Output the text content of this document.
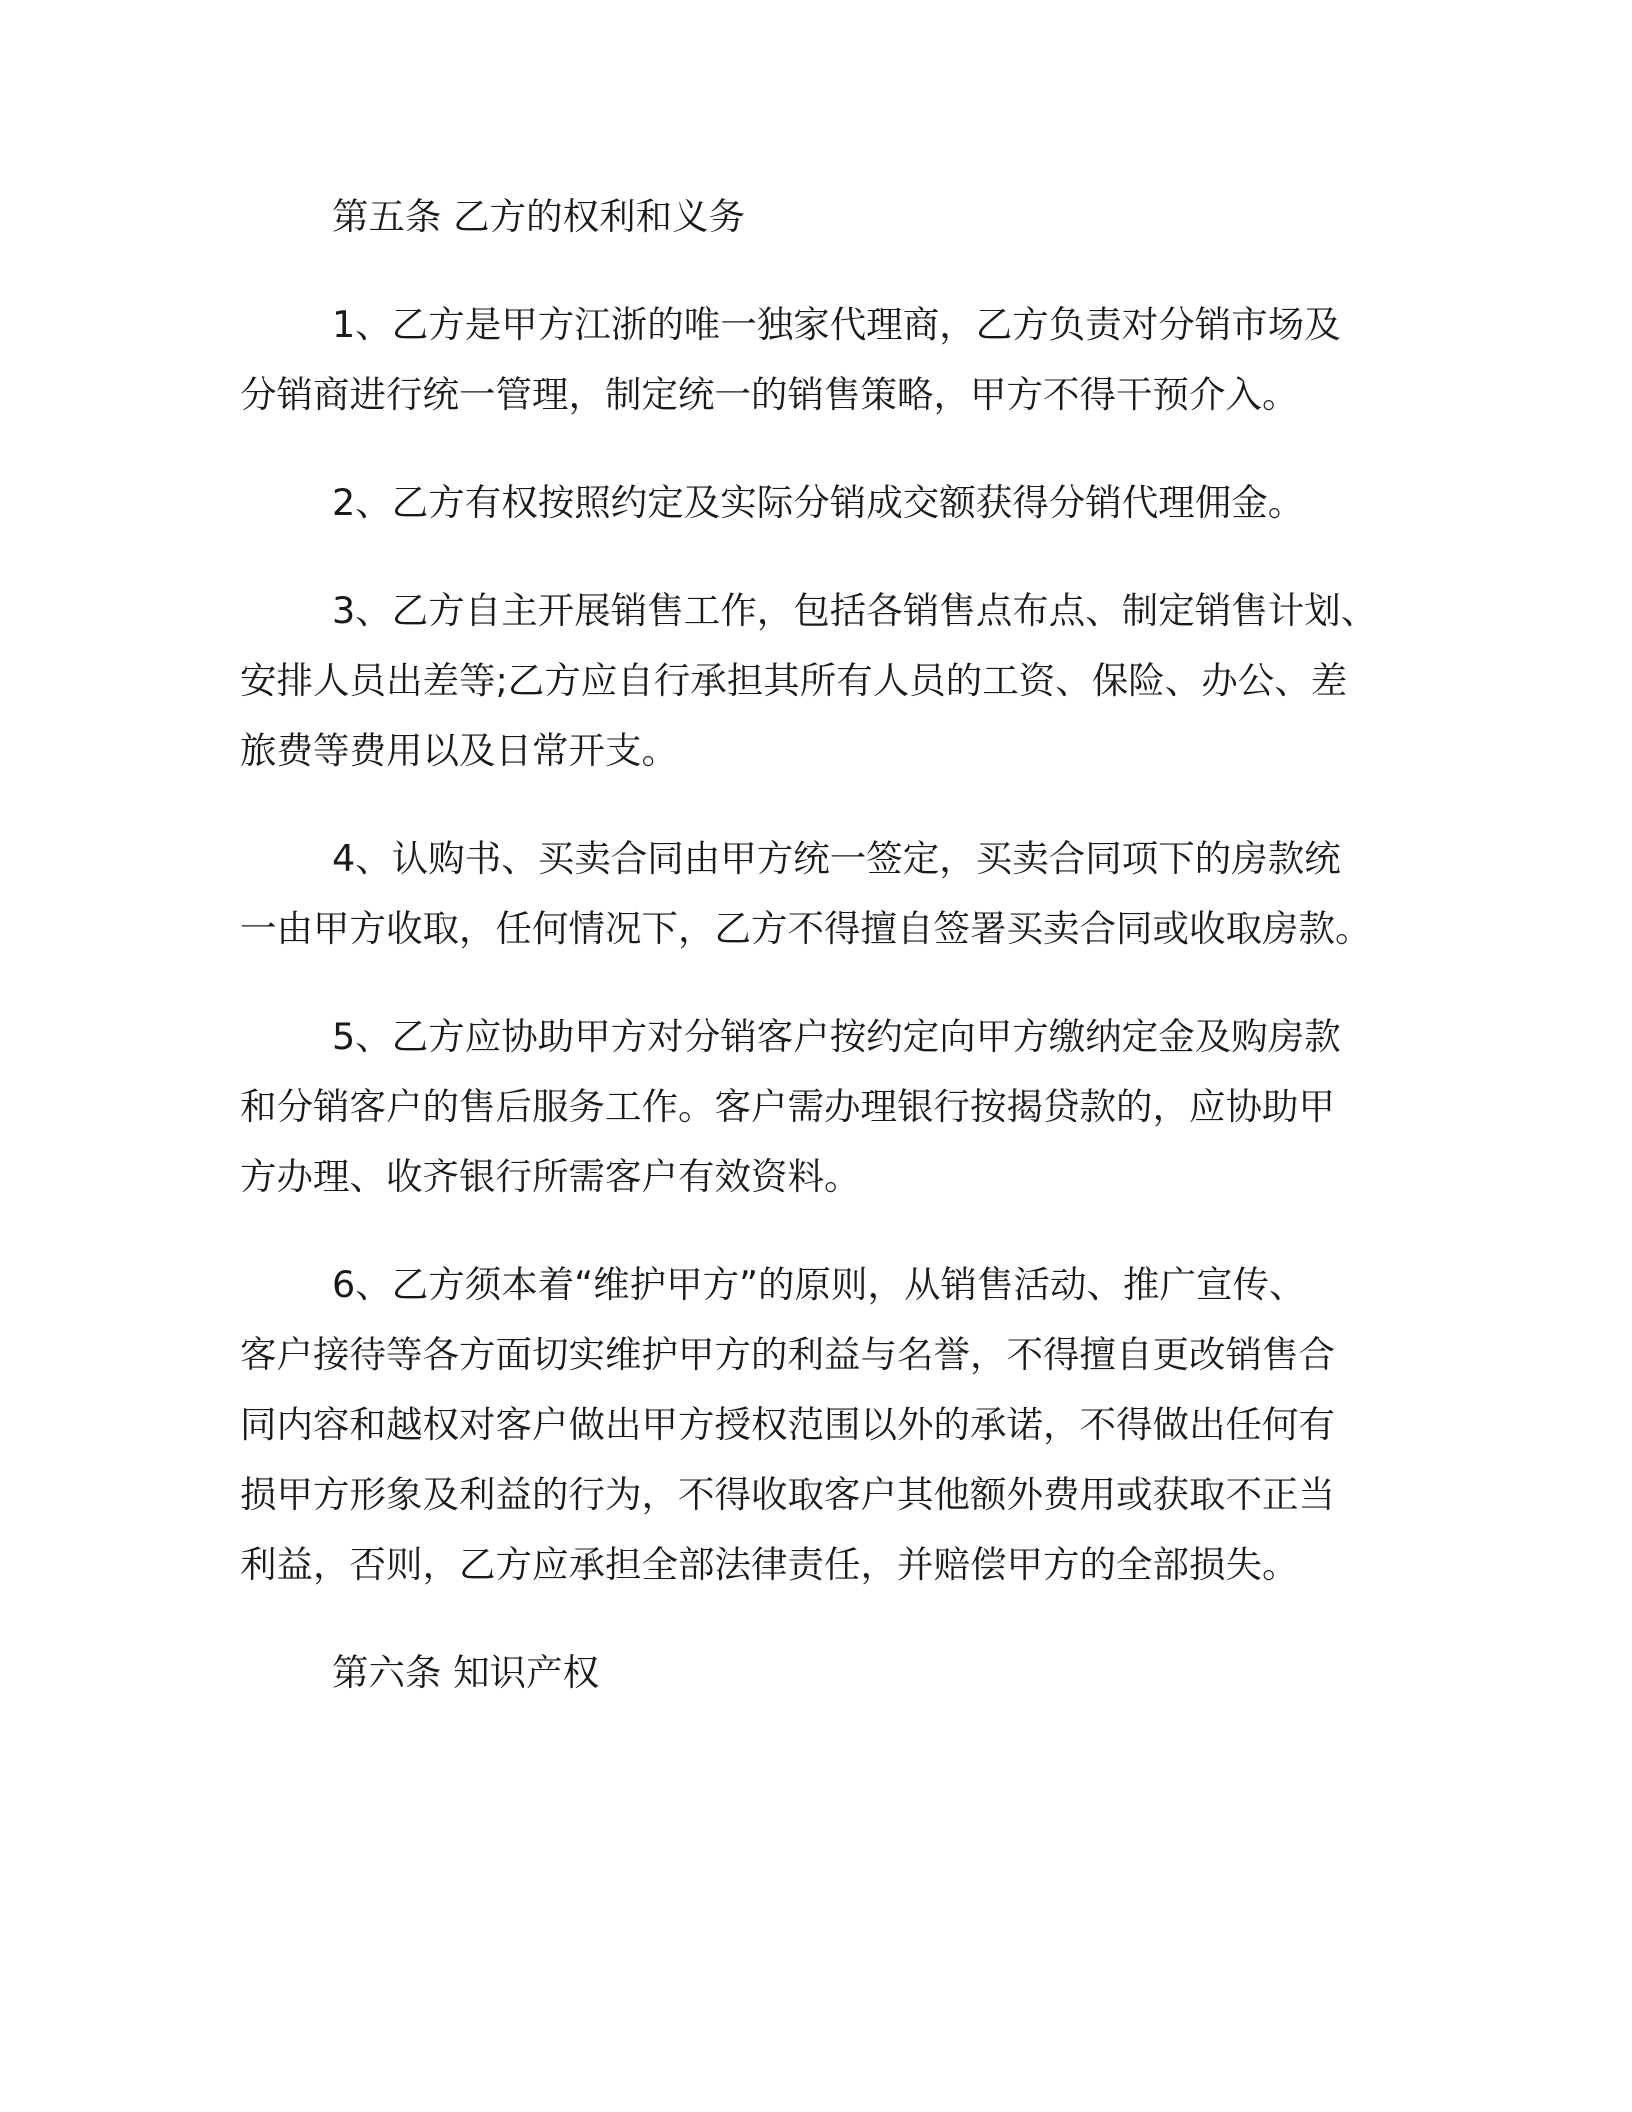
第五条 乙方的权利和义务
1、乙方是甲方江浙的唯一独家代理商，乙方负责对分销市场及
分销商进行统一管理，制定统一的销售策略，甲方不得干预介入。
2、乙方有权按照约定及实际分销成交额获得分销代理佣金。
3、乙方自主开展销售工作，包括各销售点布点、制定销售计划、
安排人员出差等;乙方应自行承担其所有人员的工资、保险、办公、差
旅费等费用以及日常开支。
4、认购书、买卖合同由甲方统一签定，买卖合同项下的房款统
一由甲方收取，任何情况下，乙方不得擅自签署买卖合同或收取房款。
5、乙方应协助甲方对分销客户按约定向甲方缴纳定金及购房款
和分销客户的售后服务工作。客户需办理银行按揭贷款的，应协助甲
方办理、收齐银行所需客户有效资料。
6、乙方须本着“维护甲方”的原则，从销售活动、推广宣传、
客户接待等各方面切实维护甲方的利益与名誉，不得擅自更改销售合
同内容和越权对客户做出甲方授权范围以外的承诺，不得做出任何有
损甲方形象及利益的行为，不得收取客户其他额外费用或获取不正当
利益，否则，乙方应承担全部法律责任，并赔偿甲方的全部损失。
第六条 知识产权
